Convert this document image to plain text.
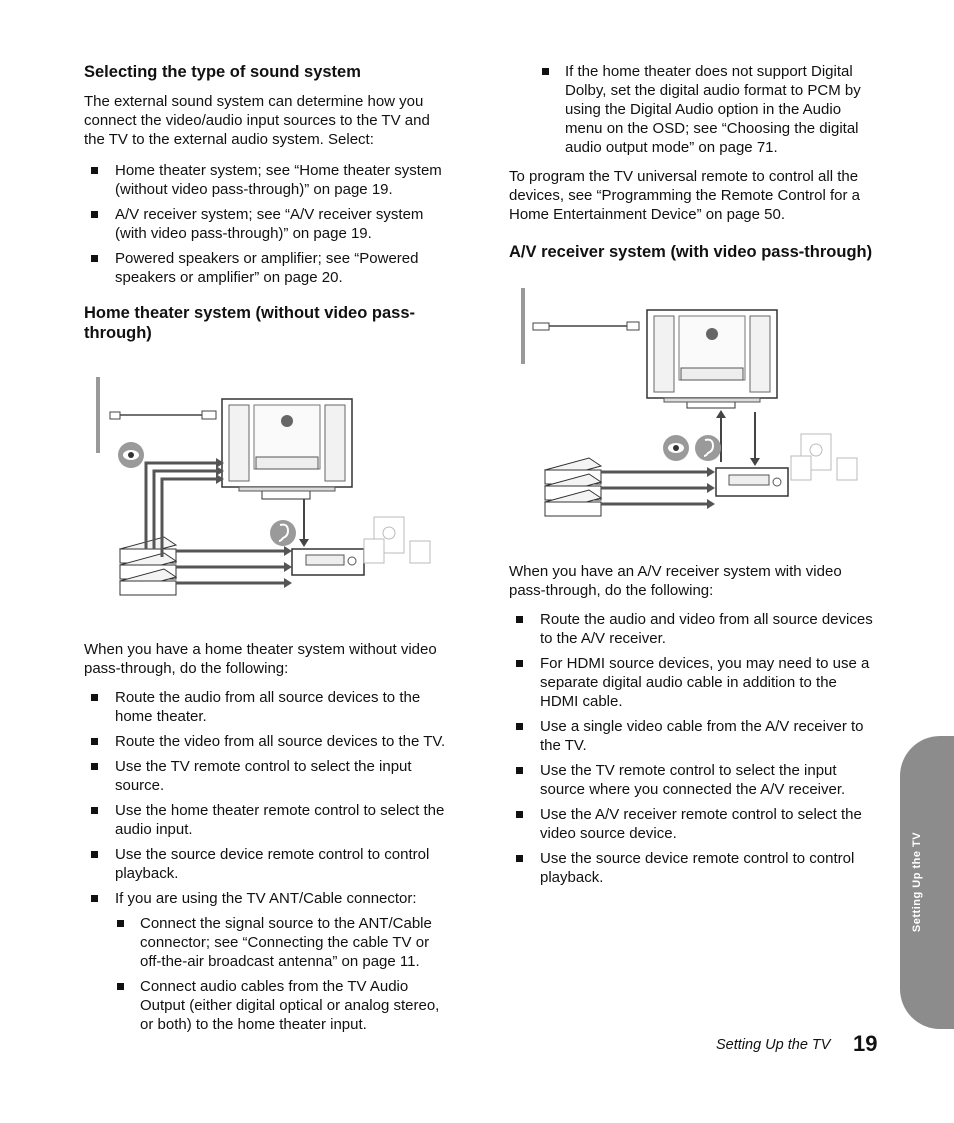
Selecting the type of sound system

The external sound system can determine how you connect the video/audio input sources to the TV and the TV to the external audio system. Select:

Home theater system; see “Home theater system (without video pass-through)” on page 19.
A/V receiver system; see “A/V receiver system (with video pass-through)” on page 19.
Powered speakers or amplifier; see “Powered speakers or amplifier” on page 20.
Home theater system (without video pass-through)

When you have a home theater system without video pass-through, do the following:

Route the audio from all source devices to the home theater.
Route the video from all source devices to the TV.
Use the TV remote control to select the input source.
Use the home theater remote control to select the audio input.
Use the source device remote control to control playback.
If you are using the TV ANT/Cable connector:
Connect the signal source to the ANT/Cable connector; see “Connecting the cable TV or off-the-air broadcast antenna” on page 11.
Connect audio cables from the TV Audio Output (either digital optical or analog stereo, or both) to the home theater input.
If the home theater does not support Digital Dolby, set the digital audio format to PCM by using the Digital Audio option in the Audio menu on the OSD; see “Choosing the digital audio output mode” on page 71.

To program the TV universal remote to control all the devices, see “Programming the Remote Control for a Home Entertainment Device” on page 50.

A/V receiver system (with video pass-through)

When you have an A/V receiver system with video pass-through, do the following:

Route the audio and video from all source devices to the A/V receiver.
For HDMI source devices, you may need to use a separate digital audio cable in addition to the HDMI cable.
Use a single video cable from the A/V receiver to the TV.
Use the TV remote control to select the input source where you connected the A/V receiver.
Use the A/V receiver remote control to select the video source device.
Use the source device remote control to control playback.	Setting Up the TV
Setting Up the TV 19
